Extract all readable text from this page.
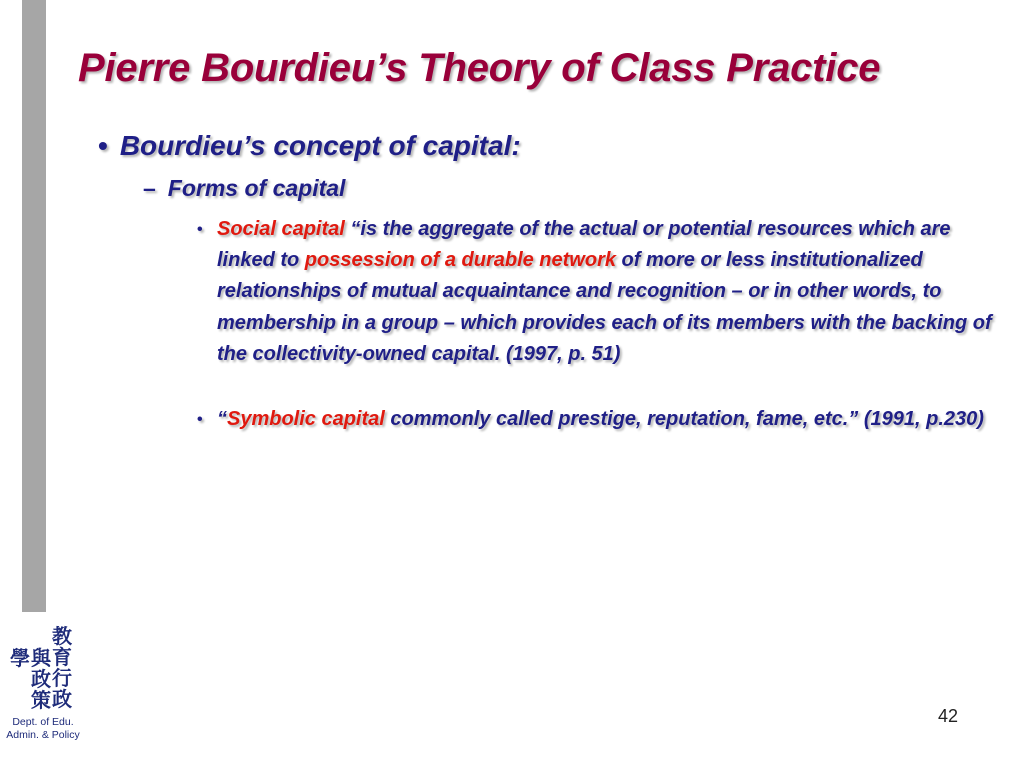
Pierre Bourdieu’s Theory of Class Practice
• Bourdieu’s concept of capital:
– Forms of capital
• Social capital “is the aggregate of the actual or potential resources which are linked to possession of a durable network of more or less institutionalized relationships of mutual acquaintance and recognition – or in other words, to membership in a group – which provides each of its members with the backing of the collectivity-owned capital. (1997, p. 51)
• “Symbolic capital commonly called prestige, reputation, fame, etc.” (1991, p.230)
教育行政
學 與政策
Dept. of Edu.
Admin. & Policy
42
